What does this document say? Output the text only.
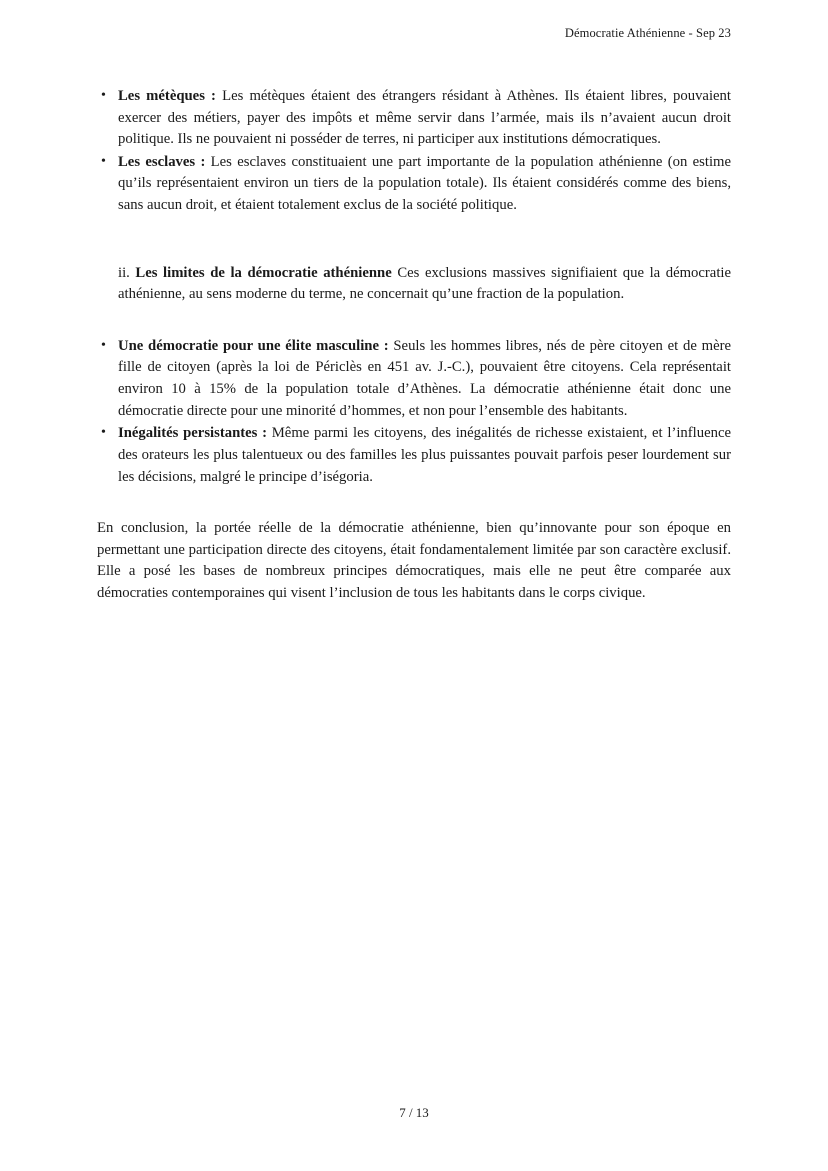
Démocratie Athénienne - Sep 23
• Les métèques : Les métèques étaient des étrangers résidant à Athènes. Ils étaient libres, pouvaient exercer des métiers, payer des impôts et même servir dans l’armée, mais ils n’avaient aucun droit politique. Ils ne pouvaient ni posséder de terres, ni participer aux institutions démocratiques.
• Les esclaves : Les esclaves constituaient une part importante de la population athénienne (on estime qu’ils représentaient environ un tiers de la population totale). Ils étaient considérés comme des biens, sans aucun droit, et étaient totalement exclus de la société politique.
ii. Les limites de la démocratie athénienne Ces exclusions massives signifiaient que la démocratie athénienne, au sens moderne du terme, ne concernait qu’une fraction de la population.
• Une démocratie pour une élite masculine : Seuls les hommes libres, nés de père citoyen et de mère fille de citoyen (après la loi de Périclès en 451 av. J.-C.), pouvaient être citoyens. Cela représentait environ 10 à 15% de la population totale d’Athènes. La démocratie athénienne était donc une démocratie directe pour une minorité d’hommes, et non pour l’ensemble des habitants.
• Inégalités persistantes : Même parmi les citoyens, des inégalités de richesse existaient, et l’influence des orateurs les plus talentueux ou des familles les plus puissantes pouvait parfois peser lourdement sur les décisions, malgré le principe d’iségoria.

En conclusion, la portée réelle de la démocratie athénienne, bien qu’innovante pour son époque en permettant une participation directe des citoyens, était fondamentalement limitée par son caractère exclusif. Elle a posé les bases de nombreux principes démocratiques, mais elle ne peut être comparée aux démocraties contemporaines qui visent l’inclusion de tous les habitants dans le corps civique.

7 / 13
